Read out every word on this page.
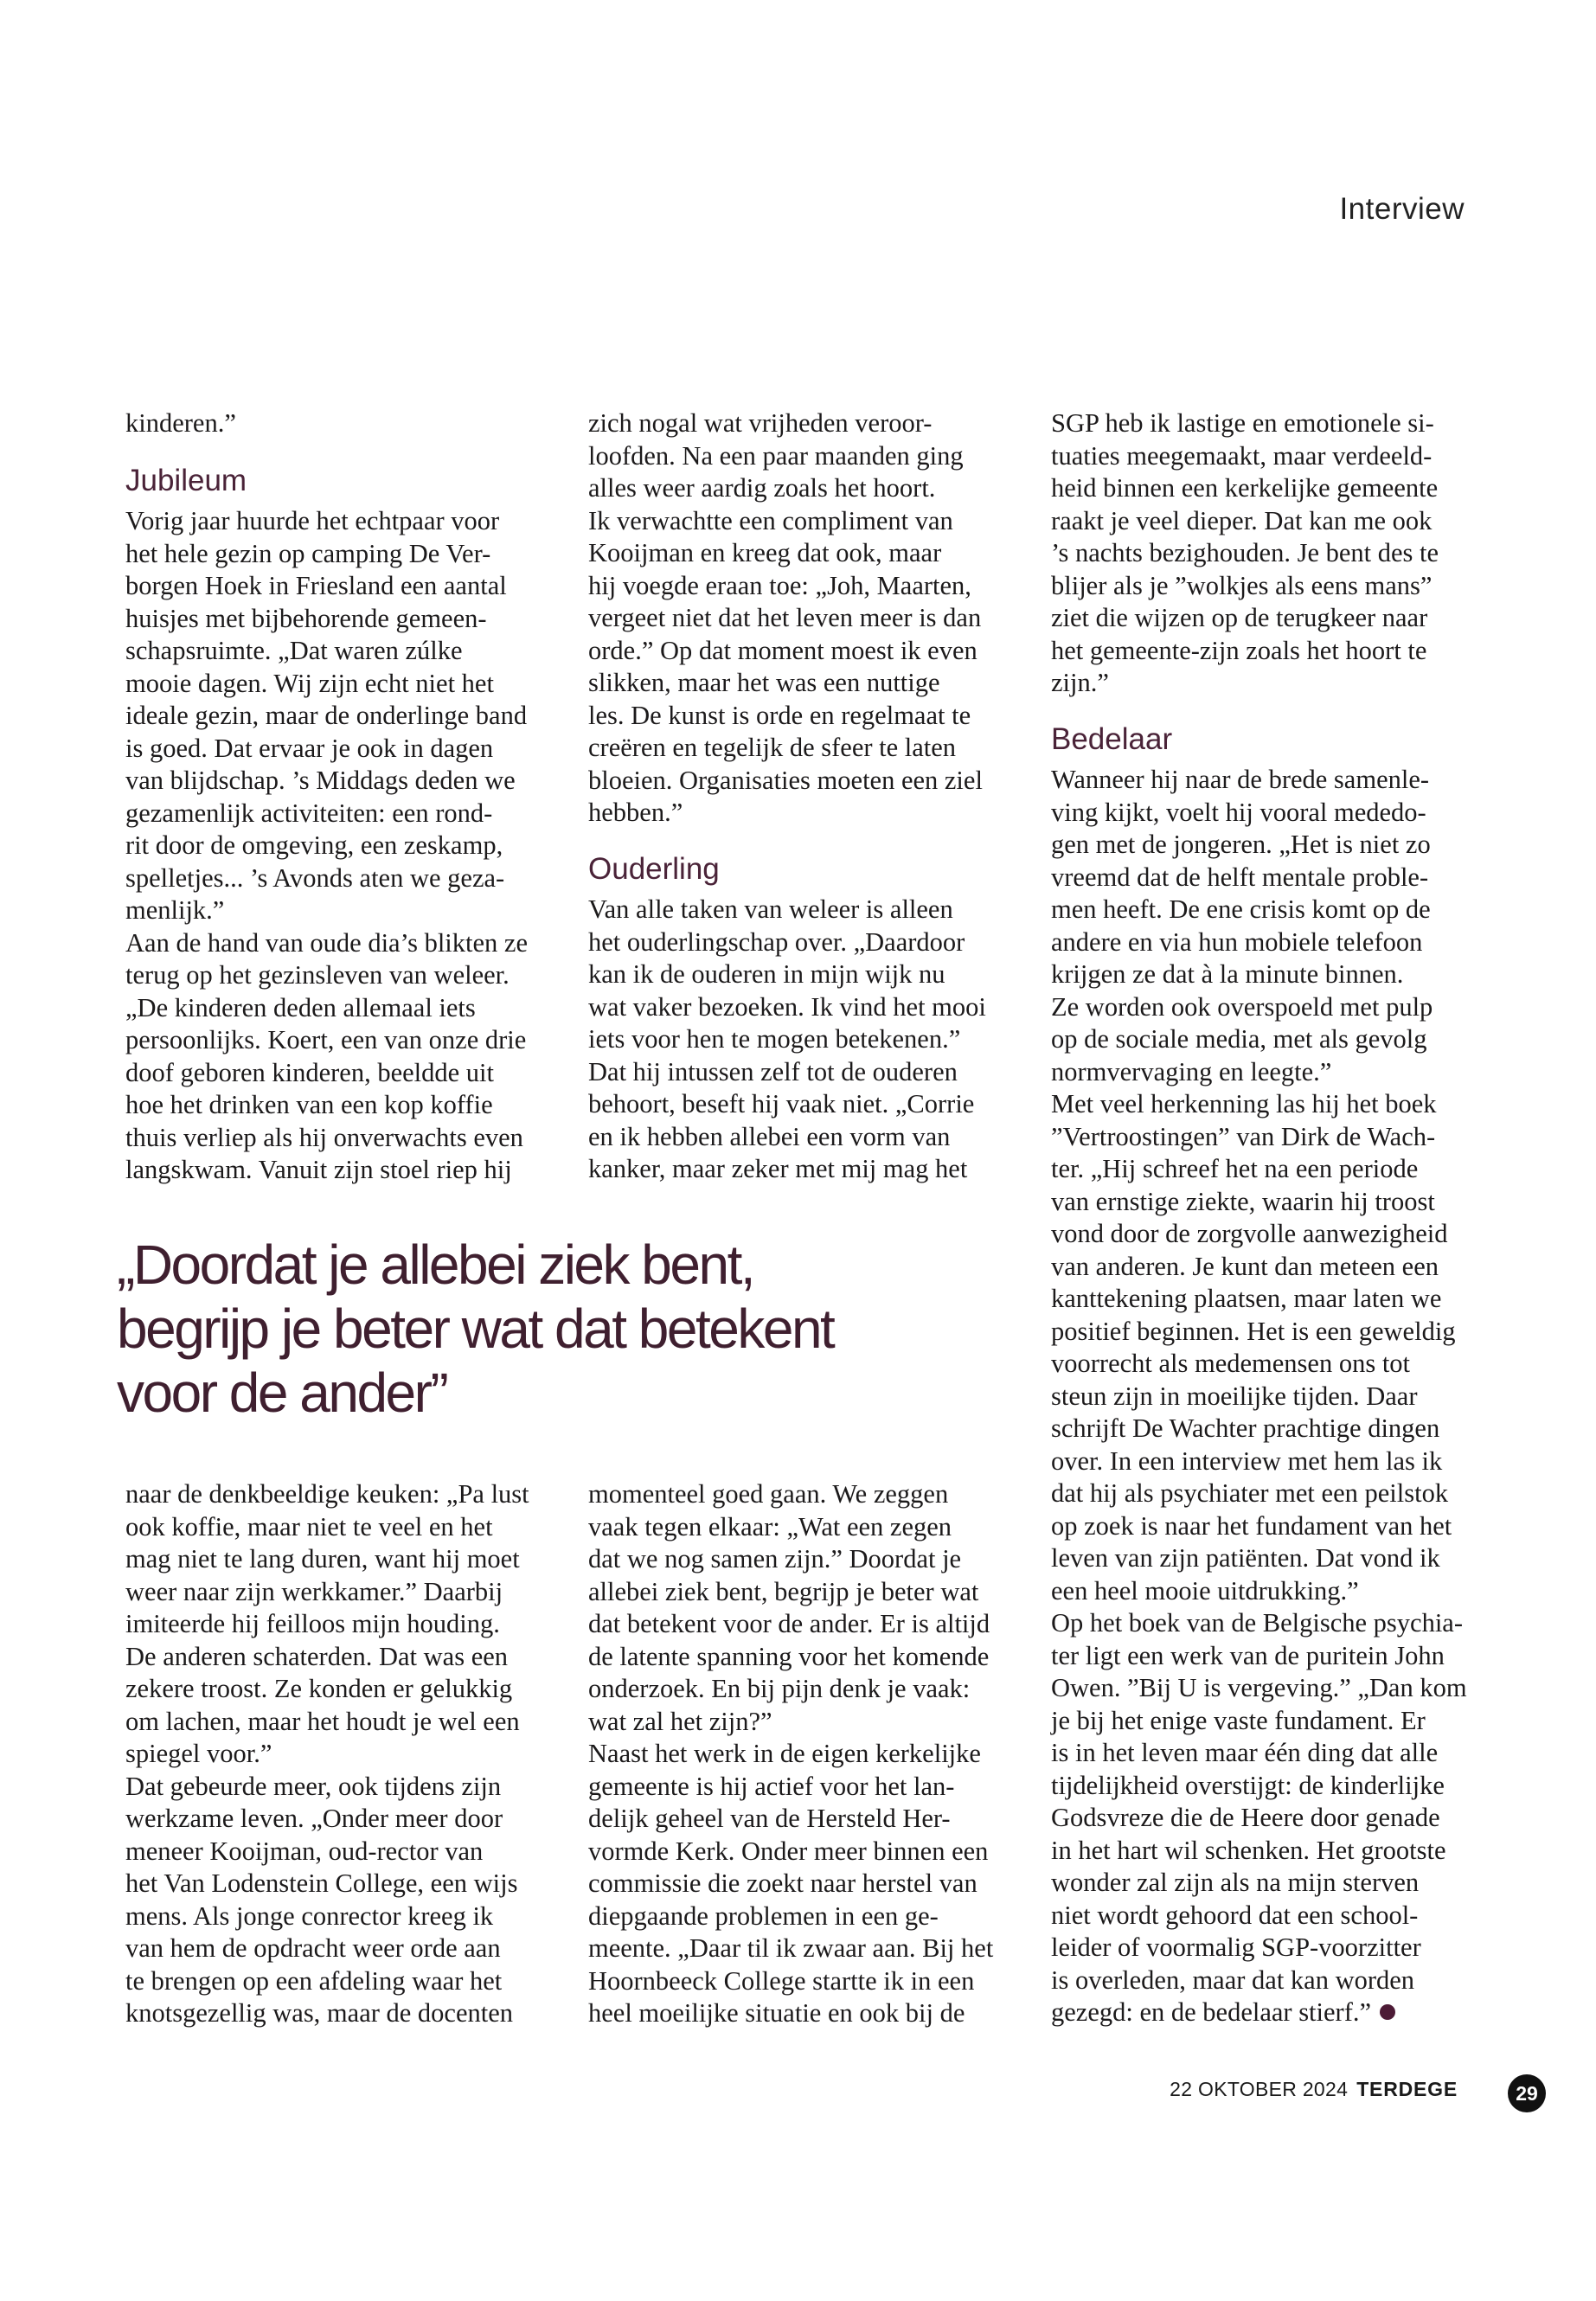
Interview
kinderen.”
Jubileum
Vorig jaar huurde het echtpaar voor
het hele gezin op camping De Ver-
borgen Hoek in Friesland een aantal
huisjes met bijbehorende gemeen-
schapsruimte. „Dat waren zúlke
mooie dagen. Wij zijn echt niet het
ideale gezin, maar de onderlinge band
is goed. Dat ervaar je ook in dagen
van blijdschap. ’s Middags deden we
gezamenlijk activiteiten: een rond-
rit door de omgeving, een zeskamp,
spelletjes... ’s Avonds aten we geza-
menlijk.”
Aan de hand van oude dia’s blikten ze
terug op het gezinsleven van weleer.
„De kinderen deden allemaal iets
persoonlijks. Koert, een van onze drie
doof geboren kinderen, beeldde uit
hoe het drinken van een kop koffie
thuis verliep als hij onverwachts even
langskwam. Vanuit zijn stoel riep hij
naar de denkbeeldige keuken: „Pa lust
ook koffie, maar niet te veel en het
mag niet te lang duren, want hij moet
weer naar zijn werkkamer.” Daarbij
imiteerde hij feilloos mijn houding.
De anderen schaterden. Dat was een
zekere troost. Ze konden er gelukkig
om lachen, maar het houdt je wel een
spiegel voor.”
Dat gebeurde meer, ook tijdens zijn
werkzame leven. „Onder meer door
meneer Kooijman, oud-rector van
het Van Lodenstein College, een wijs
mens. Als jonge conrector kreeg ik
van hem de opdracht weer orde aan
te brengen op een afdeling waar het
knotsgezellig was, maar de docenten
zich nogal wat vrijheden veroor-
loofden. Na een paar maanden ging
alles weer aardig zoals het hoort.
Ik verwachtte een compliment van
Kooijman en kreeg dat ook, maar
hij voegde eraan toe: „Joh, Maarten,
vergeet niet dat het leven meer is dan
orde.” Op dat moment moest ik even
slikken, maar het was een nuttige
les. De kunst is orde en regelmaat te
creëren en tegelijk de sfeer te laten
bloeien. Organisaties moeten een ziel
hebben.”
Ouderling
Van alle taken van weleer is alleen
het ouderlingschap over. „Daardoor
kan ik de ouderen in mijn wijk nu
wat vaker bezoeken. Ik vind het mooi
iets voor hen te mogen betekenen.”
Dat hij intussen zelf tot de ouderen
behoort, beseft hij vaak niet. „Corrie
en ik hebben allebei een vorm van
kanker, maar zeker met mij mag het
momenteel goed gaan. We zeggen
vaak tegen elkaar: „Wat een zegen
dat we nog samen zijn.” Doordat je
allebei ziek bent, begrijp je beter wat
dat betekent voor de ander. Er is altijd
de latente spanning voor het komende
onderzoek. En bij pijn denk je vaak:
wat zal het zijn?”
Naast het werk in de eigen kerkelijke
gemeente is hij actief voor het lan-
delijk geheel van de Hersteld Her-
vormde Kerk. Onder meer binnen een
commissie die zoekt naar herstel van
diepgaande problemen in een ge-
meente. „Daar til ik zwaar aan. Bij het
Hoornbeeck College startte ik in een
heel moeilijke situatie en ook bij de
SGP heb ik lastige en emotionele si-
tuaties meegemaakt, maar verdeeld-
heid binnen een kerkelijke gemeente
raakt je veel dieper. Dat kan me ook
’s nachts bezighouden. Je bent des te
blijer als je ”wolkjes als eens mans”
ziet die wijzen op de terugkeer naar
het gemeente-zijn zoals het hoort te
zijn.”
Bedelaar
Wanneer hij naar de brede samenle-
ving kijkt, voelt hij vooral mededo-
gen met de jongeren. „Het is niet zo
vreemd dat de helft mentale proble-
men heeft. De ene crisis komt op de
andere en via hun mobiele telefoon
krijgen ze dat à la minute binnen.
Ze worden ook overspoeld met pulp
op de sociale media, met als gevolg
normvervaging en leegte.”
Met veel herkenning las hij het boek
”Vertroostingen” van Dirk de Wach-
ter. „Hij schreef het na een periode
van ernstige ziekte, waarin hij troost
vond door de zorgvolle aanwezigheid
van anderen. Je kunt dan meteen een
kanttekening plaatsen, maar laten we
positief beginnen. Het is een geweldig
voorrecht als medemensen ons tot
steun zijn in moeilijke tijden. Daar
schrijft De Wachter prachtige dingen
over. In een interview met hem las ik
dat hij als psychiater met een peilstok
op zoek is naar het fundament van het
leven van zijn patiënten. Dat vond ik
een heel mooie uitdrukking.”
Op het boek van de Belgische psychia-
ter ligt een werk van de puritein John
Owen. ”Bij U is vergeving.” „Dan kom
je bij het enige vaste fundament. Er
is in het leven maar één ding dat alle
tijdelijkheid overstijgt: de kinderlijke
Godsvreze die de Heere door genade
in het hart wil schenken. Het grootste
wonder zal zijn als na mijn sterven
niet wordt gehoord dat een school-
leider of voormalig SGP-voorzitter
is overleden, maar dat kan worden
gezegd: en de bedelaar stierf.”
„Doordat je allebei ziek bent,
begrijp je beter wat dat betekent
voor de ander”
22 OKTOBER 2024 TERDEGE	29
